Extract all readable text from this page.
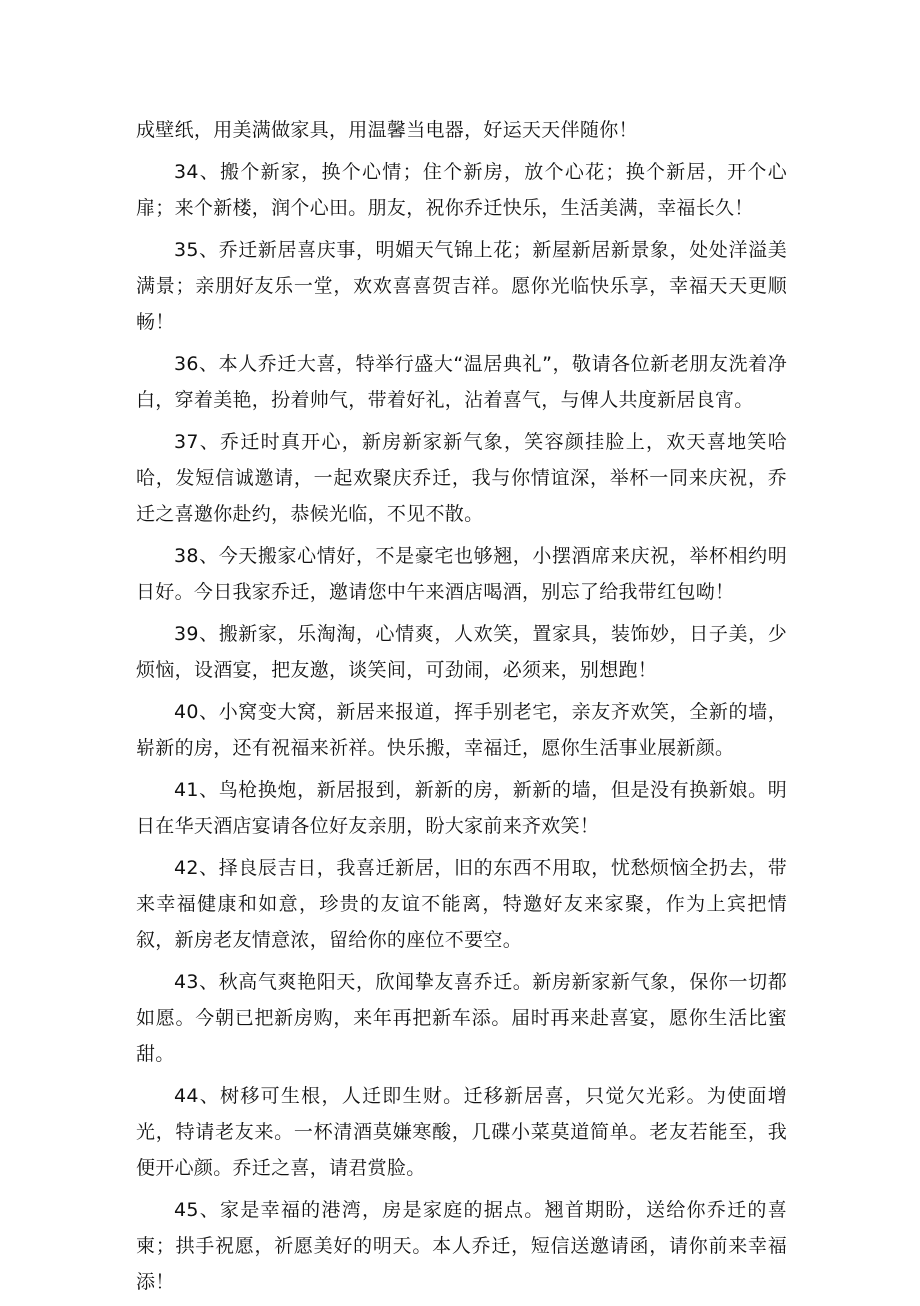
成壁纸，用美满做家具，用温馨当电器，好运天天伴随你！

34、搬个新家，换个心情；住个新房，放个心花；换个新居，开个心扉；来个新楼，润个心田。朋友，祝你乔迁快乐，生活美满，幸福长久！

35、乔迁新居喜庆事，明媚天气锦上花；新屋新居新景象，处处洋溢美满景；亲朋好友乐一堂，欢欢喜喜贺吉祥。愿你光临快乐享，幸福天天更顺畅！

36、本人乔迁大喜，特举行盛大“温居典礼”，敬请各位新老朋友洗着净白，穿着美艳，扮着帅气，带着好礼，沾着喜气，与俾人共度新居良宵。

37、乔迁时真开心，新房新家新气象，笑容颜挂脸上，欢天喜地笑哈哈，发短信诚邀请，一起欢聚庆乔迁，我与你情谊深，举杯一同来庆祝，乔迁之喜邀你赴约，恭候光临，不见不散。

38、今天搬家心情好，不是豪宅也够翘，小摆酒席来庆祝，举杯相约明日好。今日我家乔迁，邀请您中午来酒店喝酒，别忘了给我带红包呦！

39、搬新家，乐淘淘，心情爽，人欢笑，置家具，装饰妙，日子美，少烦恼，设酒宴，把友邀，谈笑间，可劲闹，必须来，别想跑！

40、小窝变大窝，新居来报道，挥手别老宅，亲友齐欢笑，全新的墙，崭新的房，还有祝福来祈祥。快乐搬，幸福迁，愿你生活事业展新颜。

41、鸟枪换炮，新居报到，新新的房，新新的墙，但是没有换新娘。明日在华天酒店宴请各位好友亲朋，盼大家前来齐欢笑！

42、择良辰吉日，我喜迁新居，旧的东西不用取，忧愁烦恼全扔去，带来幸福健康和如意，珍贵的友谊不能离，特邀好友来家聚，作为上宾把情叙，新房老友情意浓，留给你的座位不要空。

43、秋高气爽艳阳天，欣闻挚友喜乔迁。新房新家新气象，保你一切都如愿。今朝已把新房购，来年再把新车添。届时再来赴喜宴，愿你生活比蜜甜。

44、树移可生根，人迁即生财。迁移新居喜，只觉欠光彩。为使面增光，特请老友来。一杯清酒莫嫌寒酸，几碟小菜莫道简单。老友若能至，我便开心颜。乔迁之喜，请君赏脸。

45、家是幸福的港湾，房是家庭的据点。翘首期盼，送给你乔迁的喜柬；拱手祝愿，祈愿美好的明天。本人乔迁，短信送邀请函，请你前来幸福添！
